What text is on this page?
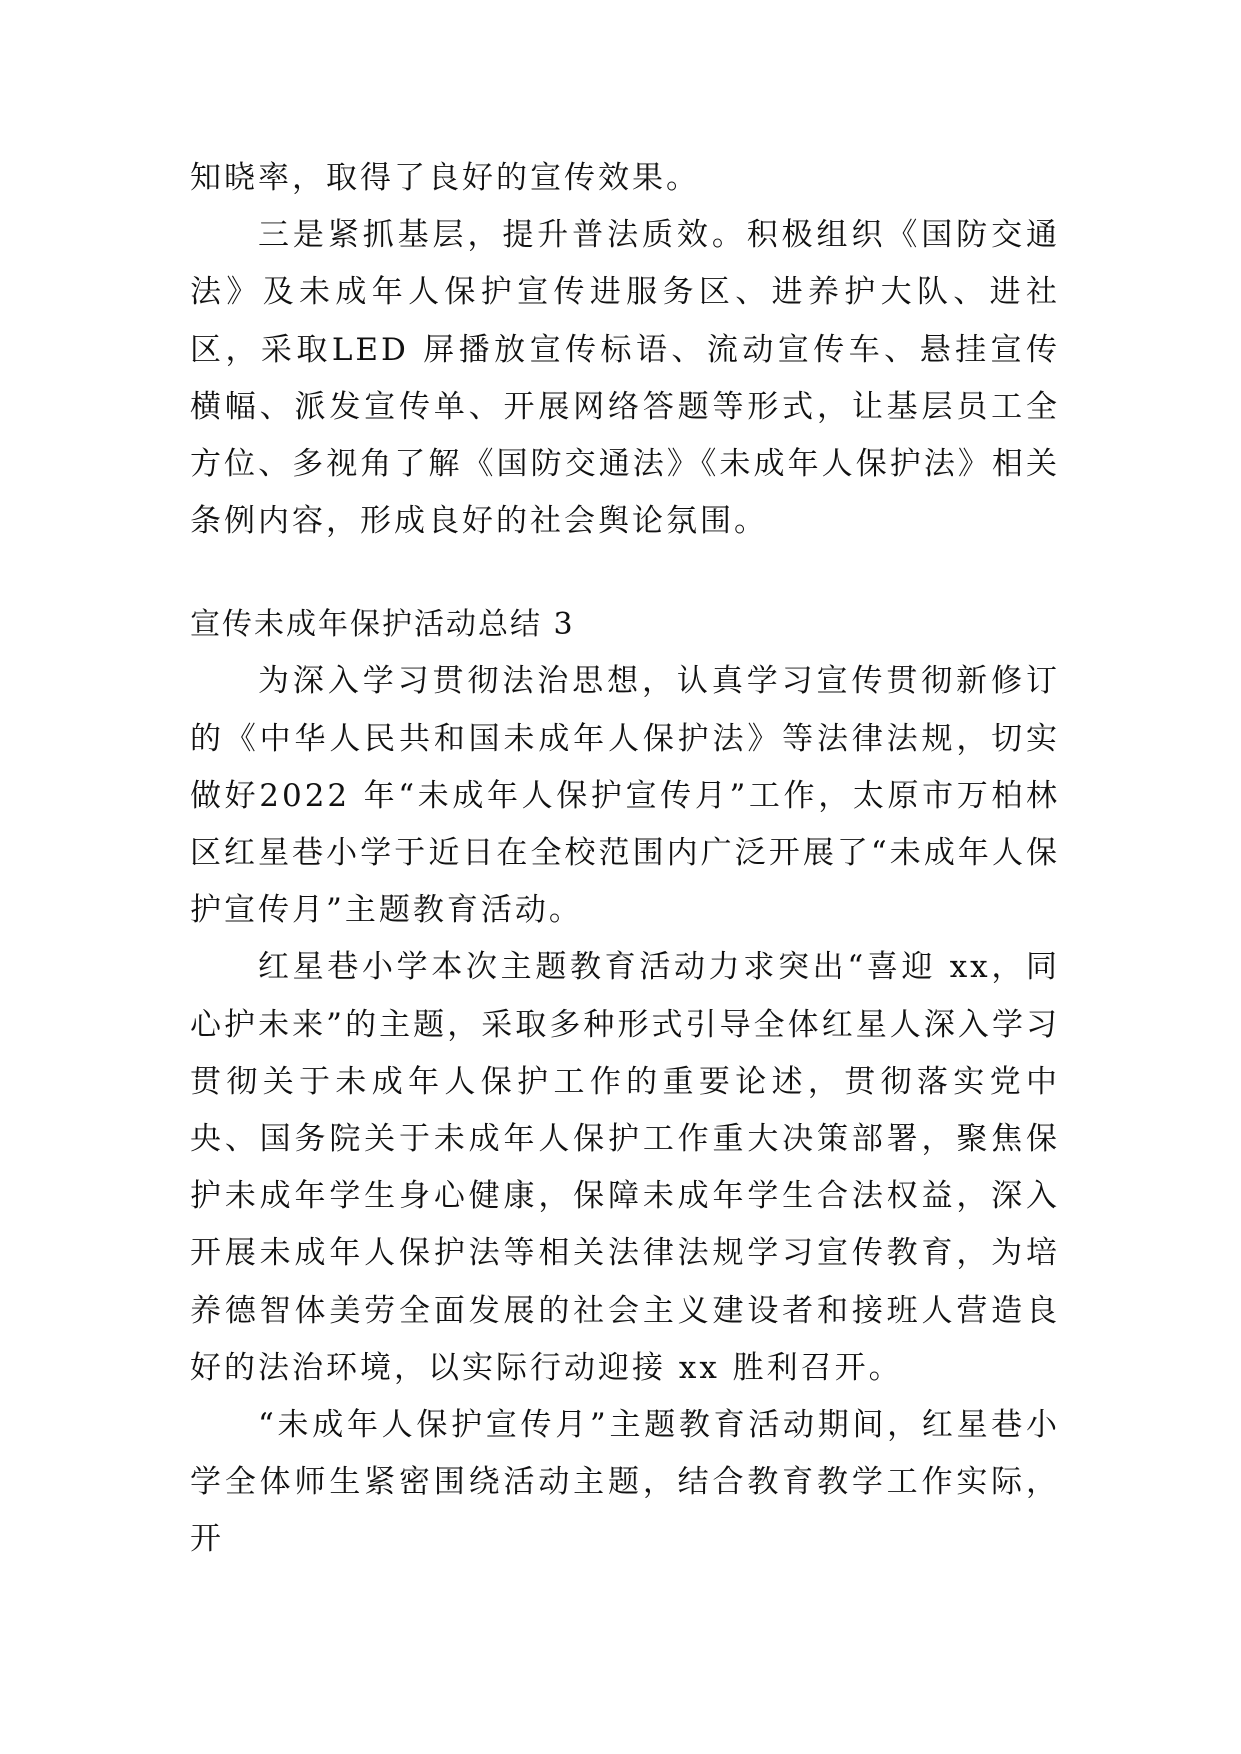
知晓率，取得了良好的宣传效果。

三是紧抓基层，提升普法质效。积极组织《国防交通法》及未成年人保护宣传进服务区、进养护大队、进社区，采取LED 屏播放宣传标语、流动宣传车、悬挂宣传横幅、派发宣传单、开展网络答题等形式，让基层员工全方位、多视角了解《国防交通法》《未成年人保护法》相关条例内容，形成良好的社会舆论氛围。

宣传未成年保护活动总结 3

为深入学习贯彻法治思想，认真学习宣传贯彻新修订的《中华人民共和国未成年人保护法》等法律法规，切实做好2022 年“未成年人保护宣传月”工作，太原市万柏林区红星巷小学于近日在全校范围内广泛开展了“未成年人保护宣传月”主题教育活动。

红星巷小学本次主题教育活动力求突出“喜迎 xx，同心护未来”的主题，采取多种形式引导全体红星人深入学习贯彻关于未成年人保护工作的重要论述，贯彻落实党中央、国务院关于未成年人保护工作重大决策部署，聚焦保护未成年学生身心健康，保障未成年学生合法权益，深入开展未成年人保护法等相关法律法规学习宣传教育，为培养德智体美劳全面发展的社会主义建设者和接班人营造良好的法治环境，以实际行动迎接 xx 胜利召开。

“未成年人保护宣传月”主题教育活动期间，红星巷小学全体师生紧密围绕活动主题，结合教育教学工作实际，开
